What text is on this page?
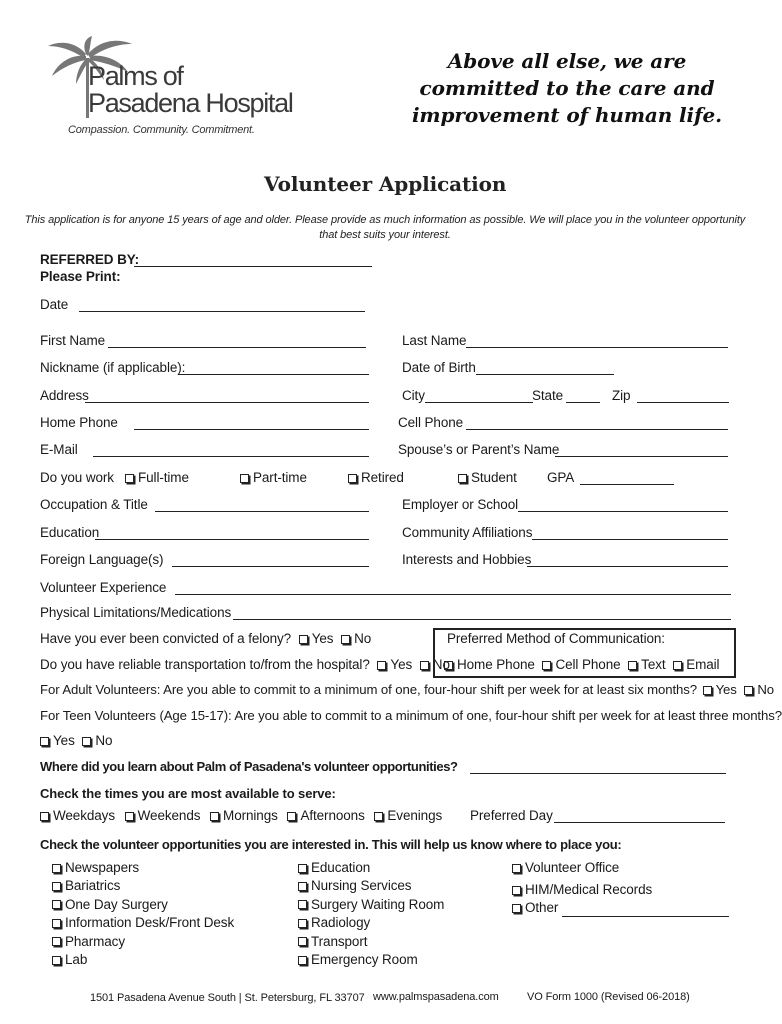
Palms of
Pasadena Hospital
Compassion. Community. Commitment.
Above all else, we are committed to the care and improvement of human life.
Volunteer Application
This application is for anyone 15 years of age and older. Please provide as much information as possible. We will place you in the volunteer opportunity that best suits your interest.
REFERRED BY:
Please Print:
Date
First Name	Last Name
Nickname (if applicable):	Date of Birth
Address	City	State	Zip
Home Phone	Cell Phone
E-Mail	Spouse’s or Parent’s Name
Do you work	Full-time	Part-time	Retired	Student GPA
Occupation & Title	Employer or School
Education	Community Affiliations
Foreign Language(s)	Interests and Hobbies
Volunteer Experience
Physical Limitations/Medications
Have you ever been convicted of a felony? Yes No
Do you have reliable transportation to/from the hospital? Yes No
Preferred Method of Communication:
Home Phone Cell Phone Text Email
For Adult Volunteers: Are you able to commit to a minimum of one, four-hour shift per week for at least six months? Yes No
For Teen Volunteers (Age 15-17): Are you able to commit to a minimum of one, four-hour shift per week for at least three months?
Yes No
Where did you learn about Palm of Pasadena's volunteer opportunities?
Check the times you are most available to serve:
Weekdays Weekends Mornings Afternoons Evenings Preferred Day
Check the volunteer opportunities you are interested in. This will help us know where to place you:
Newspapers
Bariatrics
One Day Surgery
Information Desk/Front Desk
Pharmacy
Lab
Education
Nursing Services
Surgery Waiting Room
Radiology
Transport
Emergency Room
Volunteer Office
HIM/Medical Records
Other
1501 Pasadena Avenue South | St. Petersburg, FL 33707 www.palmspasadena.com	VO Form 1000 (Revised 06-2018)
